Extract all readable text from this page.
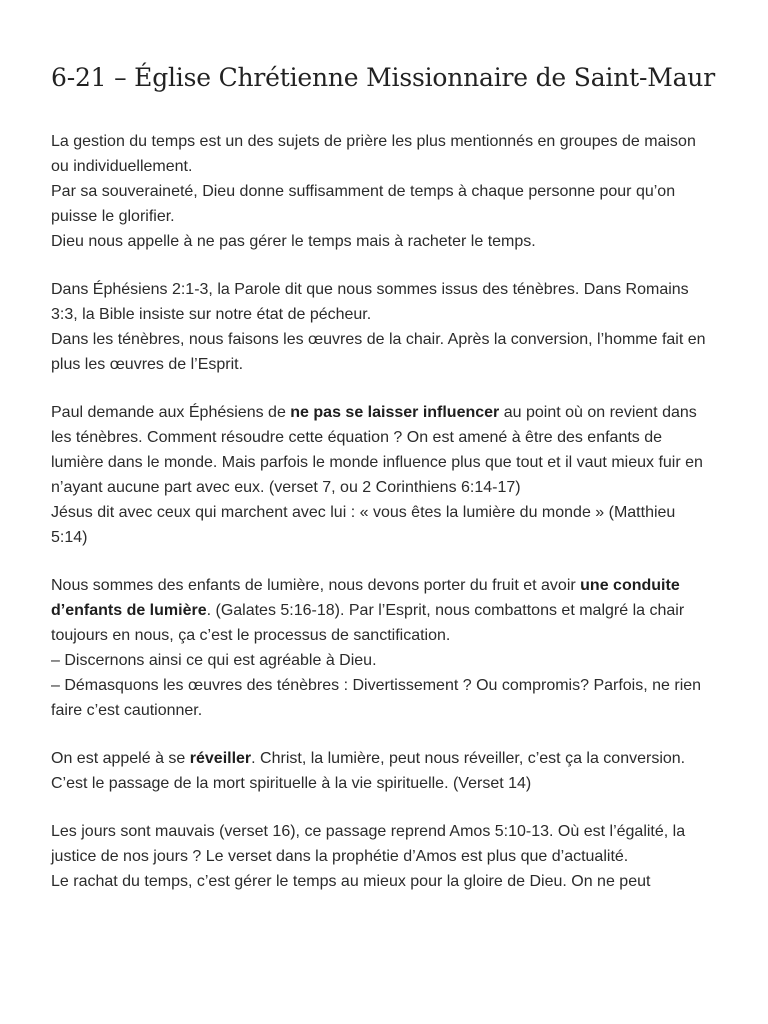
6-21 – Église Chrétienne Missionnaire de Saint-Maur
La gestion du temps est un des sujets de prière les plus mentionnés en groupes de maison ou individuellement.
Par sa souveraineté, Dieu donne suffisamment de temps à chaque personne pour qu’on puisse le glorifier.
Dieu nous appelle à ne pas gérer le temps mais à racheter le temps.
Dans Éphésiens 2:1-3, la Parole dit que nous sommes issus des ténèbres. Dans Romains 3:3, la Bible insiste sur notre état de pécheur.
Dans les ténèbres, nous faisons les œuvres de la chair. Après la conversion, l’homme fait en plus les œuvres de l’Esprit.
Paul demande aux Éphésiens de ne pas se laisser influencer au point où on revient dans les ténèbres. Comment résoudre cette équation ? On est amené à être des enfants de lumière dans le monde. Mais parfois le monde influence plus que tout et il vaut mieux fuir en n’ayant aucune part avec eux. (verset 7, ou 2 Corinthiens 6:14-17)
Jésus dit avec ceux qui marchent avec lui : « vous êtes la lumière du monde » (Matthieu 5:14)
Nous sommes des enfants de lumière, nous devons porter du fruit et avoir une conduite d’enfants de lumière. (Galates 5:16-18). Par l’Esprit, nous combattons et malgré la chair toujours en nous, ça c’est le processus de sanctification.
– Discernons ainsi ce qui est agréable à Dieu.
– Démasquons les œuvres des ténèbres : Divertissement ? Ou compromis? Parfois, ne rien faire c’est cautionner.
On est appelé à se réveiller. Christ, la lumière, peut nous réveiller, c’est ça la conversion. C’est le passage de la mort spirituelle à la vie spirituelle. (Verset 14)
Les jours sont mauvais (verset 16), ce passage reprend Amos 5:10-13. Où est l’égalité, la justice de nos jours ? Le verset dans la prophétie d’Amos est plus que d’actualité.
Le rachat du temps, c’est gérer le temps au mieux pour la gloire de Dieu. On ne peut
